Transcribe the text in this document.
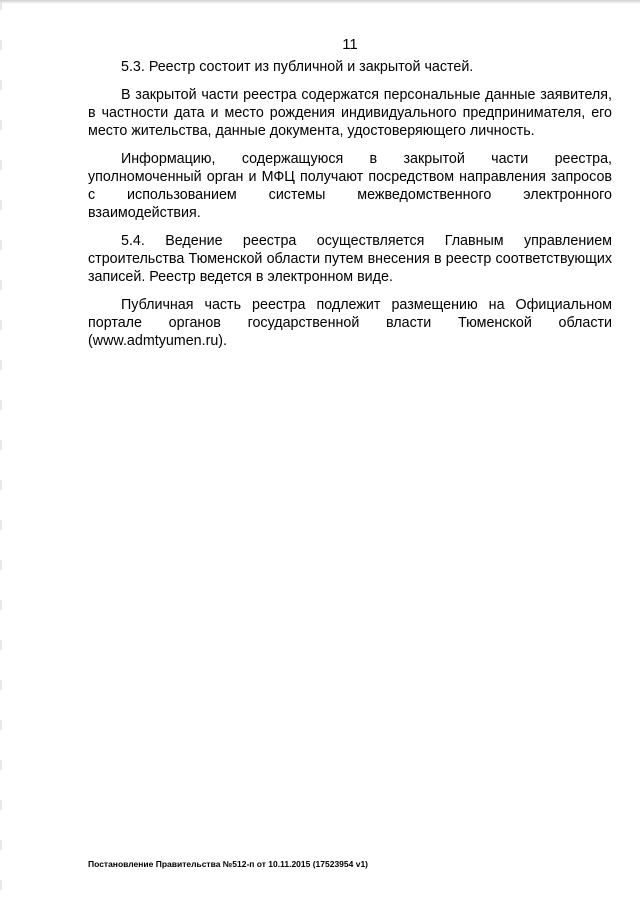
11

5.3. Реестр состоит из публичной и закрытой частей.

В закрытой части реестра содержатся персональные данные заявителя, в частности дата и место рождения индивидуального предпринимателя, его место жительства, данные документа, удостоверяющего личность.

Информацию, содержащуюся в закрытой части реестра, уполномоченный орган и МФЦ получают посредством направления запросов с использованием системы межведомственного электронного взаимодействия.

5.4. Ведение реестра осуществляется Главным управлением строительства Тюменской области путем внесения в реестр соответствующих записей. Реестр ведется в электронном виде.

Публичная часть реестра подлежит размещению на Официальном портале органов государственной власти Тюменской области (www.admtyumen.ru).

Постановление Правительства №512-п от 10.11.2015 (17523954 v1)
